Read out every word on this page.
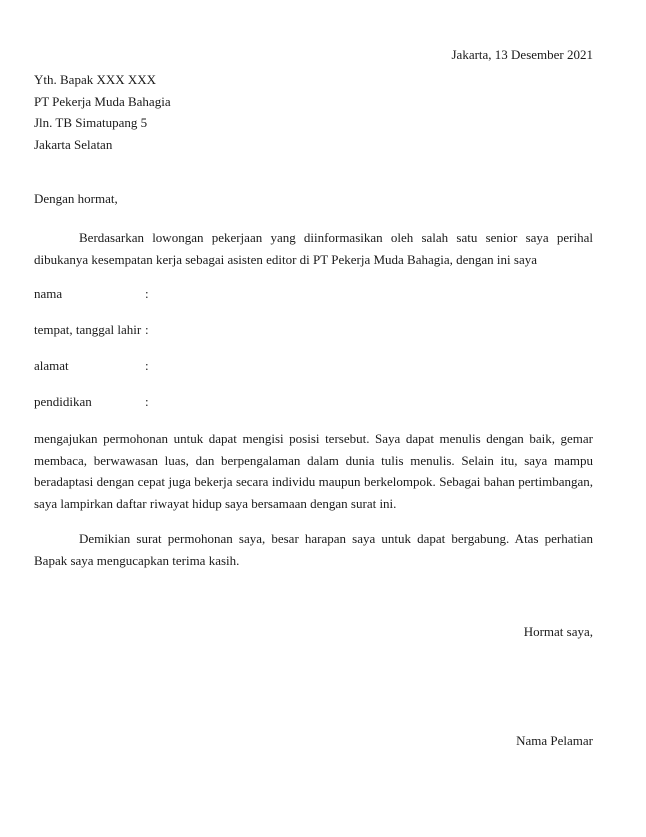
Jakarta, 13 Desember 2021
Yth. Bapak XXX XXX
PT Pekerja Muda Bahagia
Jln. TB Simatupang 5
Jakarta Selatan
Dengan hormat,
Berdasarkan lowongan pekerjaan yang diinformasikan oleh salah satu senior saya perihal dibukanya kesempatan kerja sebagai asisten editor di PT Pekerja Muda Bahagia, dengan ini saya
nama	:
tempat, tanggal lahir :
alamat	:
pendidikan	:
mengajukan permohonan untuk dapat mengisi posisi tersebut. Saya dapat menulis dengan baik, gemar membaca, berwawasan luas, dan berpengalaman dalam dunia tulis menulis. Selain itu, saya mampu beradaptasi dengan cepat juga bekerja secara individu maupun berkelompok. Sebagai bahan pertimbangan, saya lampirkan daftar riwayat hidup saya bersamaan dengan surat ini.
Demikian surat permohonan saya, besar harapan saya untuk dapat bergabung. Atas perhatian Bapak saya mengucapkan terima kasih.
Hormat saya,
Nama Pelamar
